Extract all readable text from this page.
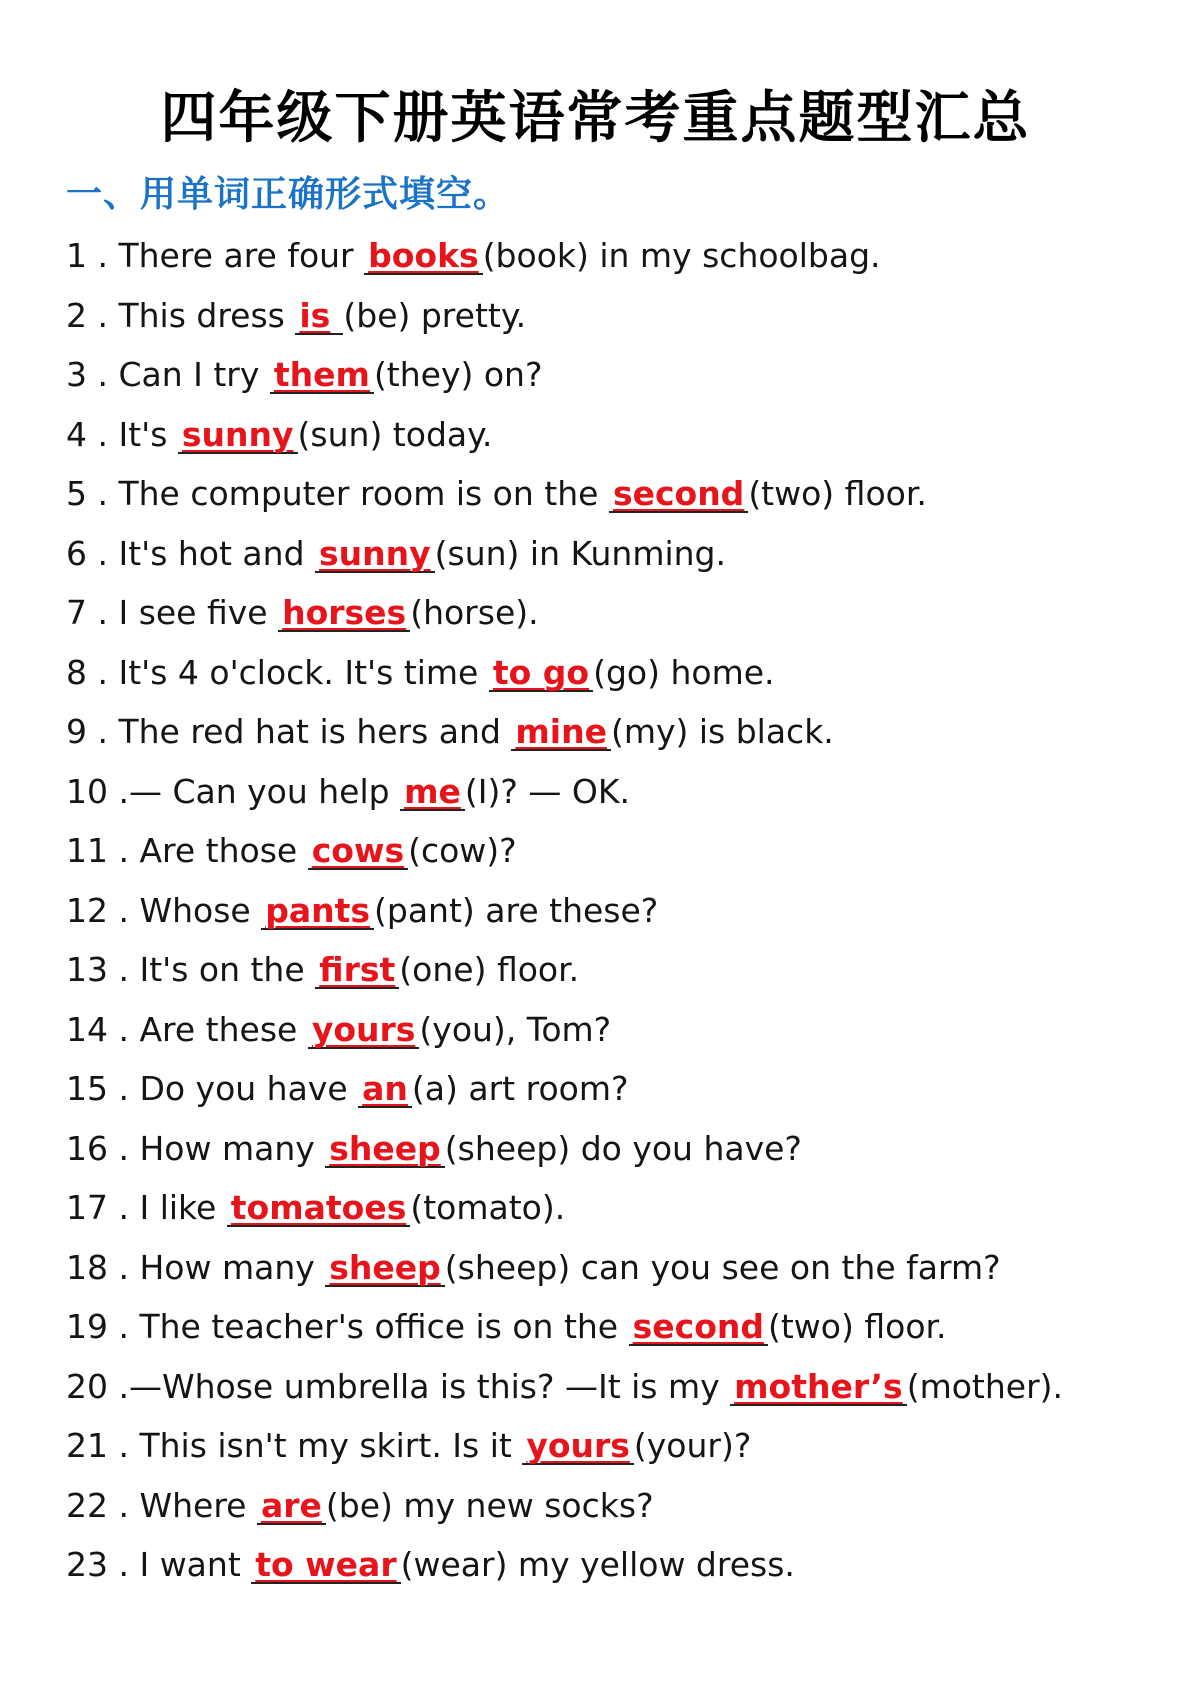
四年级下册英语常考重点题型汇总
一、用单词正确形式填空。
1 . There are four books (book) in my schoolbag.
2 . This dress is (be) pretty.
3 . Can I try them (they) on?
4 . It's sunny (sun) today.
5 . The computer room is on the second (two) floor.
6 . It's hot and sunny (sun) in Kunming.
7 . I see five horses (horse).
8 . It's 4 o'clock. It's time to go (go) home.
9 . The red hat is hers and mine (my) is black.
10 .— Can you help me (I)? — OK.
11 . Are those cows (cow)?
12 . Whose pants (pant) are these?
13 . It's on the first (one) floor.
14 . Are these yours (you), Tom?
15 . Do you have an (a) art room?
16 . How many sheep (sheep) do you have?
17 . I like tomatoes (tomato).
18 . How many sheep (sheep) can you see on the farm?
19 . The teacher's office is on the second (two) floor.
20 .—Whose umbrella is this? —It is my mother’s (mother).
21 . This isn't my skirt. Is it yours (your)?
22 . Where are (be) my new socks?
23 . I want to wear (wear) my yellow dress.
